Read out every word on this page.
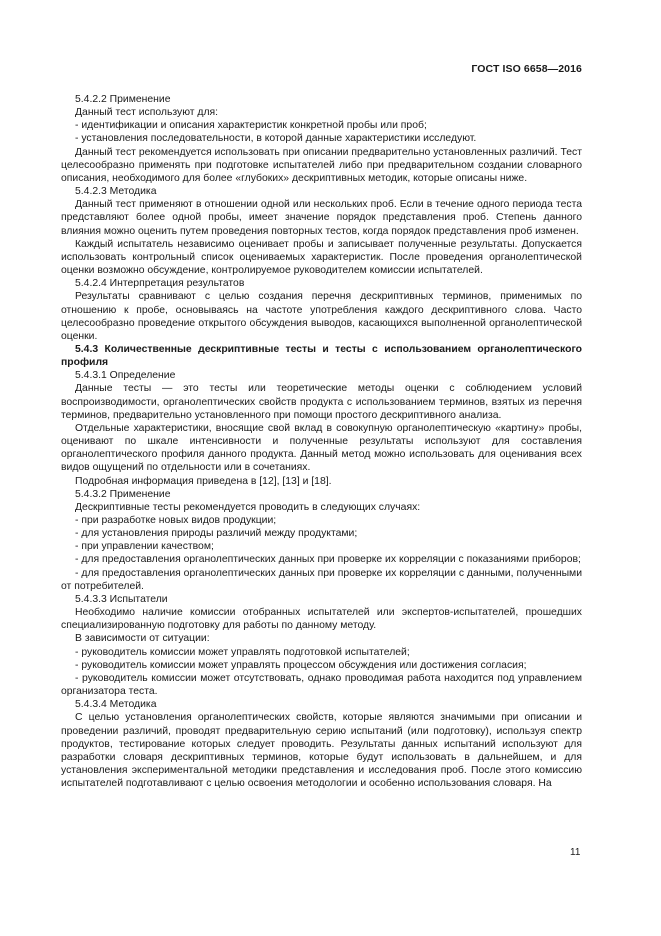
ГОСТ ISO 6658—2016

5.4.2.2 Применение

Данный тест используют для:

- идентификации и описания характеристик конкретной пробы или проб;

- установления последовательности, в которой данные характеристики исследуют.

Данный тест рекомендуется использовать при описании предварительно установленных различий. Тест целесообразно применять при подготовке испытателей либо при предварительном создании словарного описания, необходимого для более «глубоких» дескриптивных методик, которые описаны ниже.

5.4.2.3 Методика

Данный тест применяют в отношении одной или нескольких проб. Если в течение одного периода теста представляют более одной пробы, имеет значение порядок представления проб. Степень данного влияния можно оценить путем проведения повторных тестов, когда порядок представления проб изменен.

Каждый испытатель независимо оценивает пробы и записывает полученные результаты. Допускается использовать контрольный список оцениваемых характеристик. После проведения органолептической оценки возможно обсуждение, контролируемое руководителем комиссии испытателей.

5.4.2.4 Интерпретация результатов

Результаты сравнивают с целью создания перечня дескриптивных терминов, применимых по отношению к пробе, основываясь на частоте употребления каждого дескриптивного слова. Часто целесообразно проведение открытого обсуждения выводов, касающихся выполненной органолептической оценки.

5.4.3 Количественные дескриптивные тесты и тесты с использованием органолептического профиля

5.4.3.1 Определение

Данные тесты — это тесты или теоретические методы оценки с соблюдением условий воспроизводимости, органолептических свойств продукта с использованием терминов, взятых из перечня терминов, предварительно установленного при помощи простого дескриптивного анализа.

Отдельные характеристики, вносящие свой вклад в совокупную органолептическую «картину» пробы, оценивают по шкале интенсивности и полученные результаты используют для составления органолептического профиля данного продукта. Данный метод можно использовать для оценивания всех видов ощущений по отдельности или в сочетаниях.

Подробная информация приведена в [12], [13] и [18].

5.4.3.2 Применение

Дескриптивные тесты рекомендуется проводить в следующих случаях:

- при разработке новых видов продукции;

- для установления природы различий между продуктами;

- при управлении качеством;

- для предоставления органолептических данных при проверке их корреляции с показаниями приборов;

- для предоставления органолептических данных при проверке их корреляции с данными, полученными от потребителей.

5.4.3.3 Испытатели

Необходимо наличие комиссии отобранных испытателей или экспертов-испытателей, прошедших специализированную подготовку для работы по данному методу.

В зависимости от ситуации:

- руководитель комиссии может управлять подготовкой испытателей;

- руководитель комиссии может управлять процессом обсуждения или достижения согласия;

- руководитель комиссии может отсутствовать, однако проводимая работа находится под управлением организатора теста.

5.4.3.4 Методика

С целью установления органолептических свойств, которые являются значимыми при описании и проведении различий, проводят предварительную серию испытаний (или подготовку), используя спектр продуктов, тестирование которых следует проводить. Результаты данных испытаний используют для разработки словаря дескриптивных терминов, которые будут использовать в дальнейшем, и для установления экспериментальной методики представления и исследования проб. После этого комиссию испытателей подготавливают с целью освоения методологии и особенно использования словаря. На

11
